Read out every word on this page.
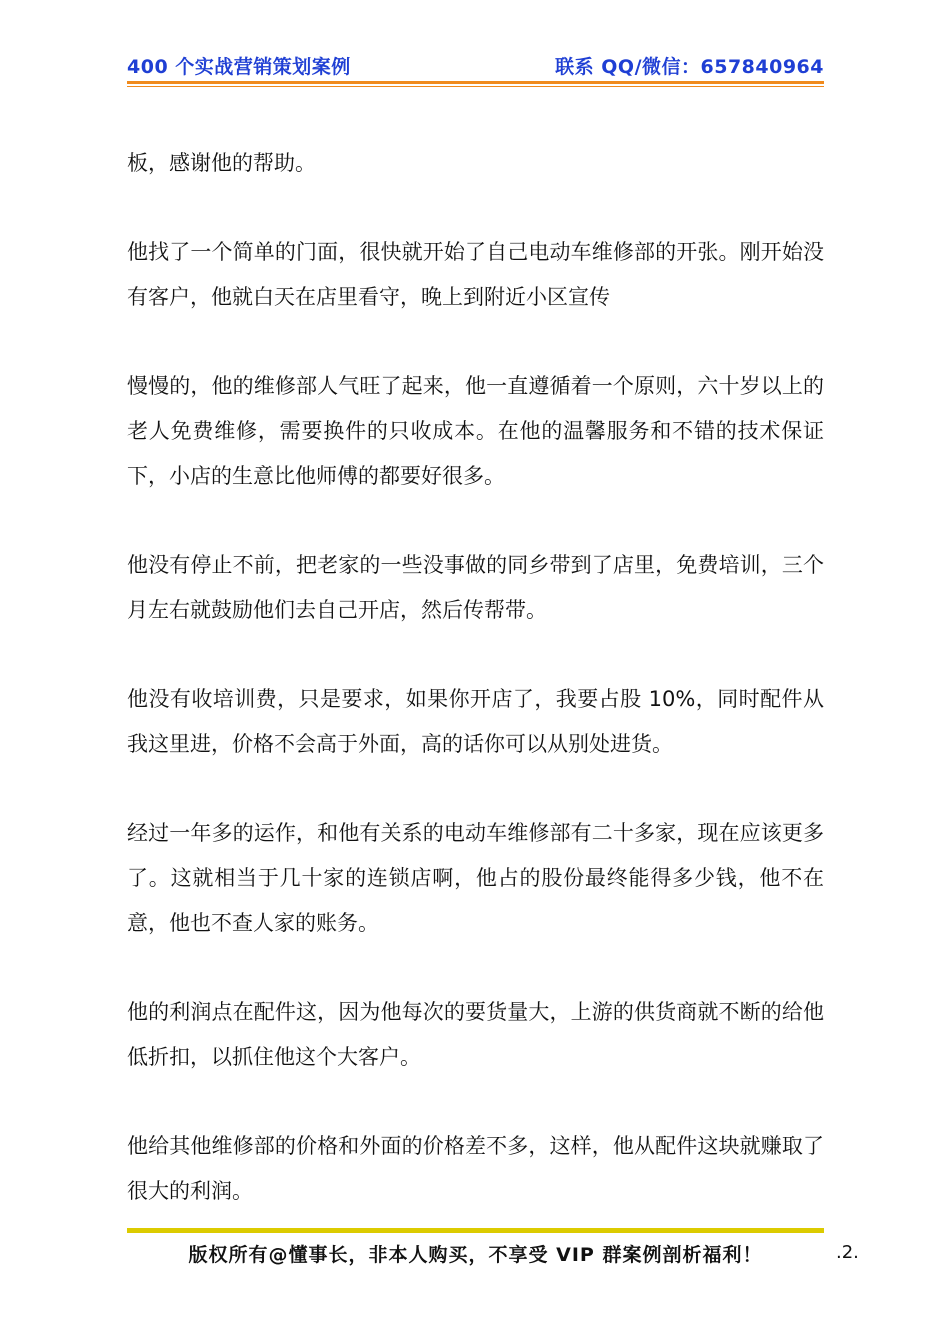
400 个实战营销策划案例	联系 QQ/微信：657840964

板，感谢他的帮助。

他找了一个简单的门面，很快就开始了自己电动车维修部的开张。刚开始没有客户，他就白天在店里看守，晚上到附近小区宣传

慢慢的，他的维修部人气旺了起来，他一直遵循着一个原则，六十岁以上的老人免费维修，需要换件的只收成本。在他的温馨服务和不错的技术保证下，小店的生意比他师傅的都要好很多。

他没有停止不前，把老家的一些没事做的同乡带到了店里，免费培训，三个月左右就鼓励他们去自己开店，然后传帮带。

他没有收培训费，只是要求，如果你开店了，我要占股 10%，同时配件从我这里进，价格不会高于外面，高的话你可以从别处进货。

经过一年多的运作，和他有关系的电动车维修部有二十多家，现在应该更多了。这就相当于几十家的连锁店啊，他占的股份最终能得多少钱，他不在意，他也不查人家的账务。

他的利润点在配件这，因为他每次的要货量大，上游的供货商就不断的给他低折扣，以抓住他这个大客户。

他给其他维修部的价格和外面的价格差不多，这样，他从配件这块就赚取了很大的利润。

版权所有@懂事长，非本人购买，不享受 VIP 群案例剖析福利！	.2.
